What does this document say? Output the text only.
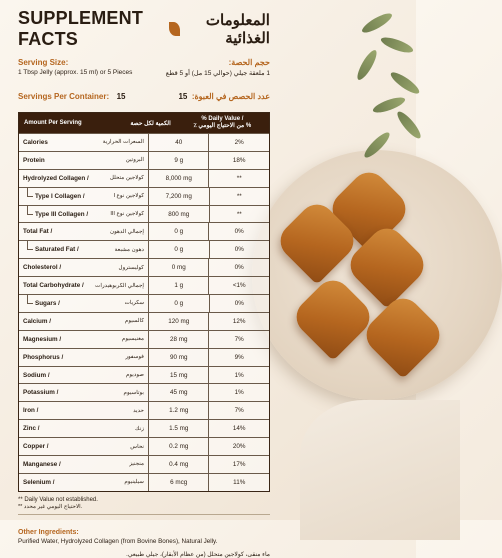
SUPPLEMENT FACTS
المعلومات الغذائية
Serving Size:	حجم الحصة:
1 Tbsp Jelly (approx. 15 ml) or 5 Pieces	1 ملعقة جيلي (حوالي 15 مل) أو 5 قطع
Servings Per Container: 15	عدد الحصص في العبوة: 15
Amount Per Serving	الكمية لكل حصة
% Daily Value /
% من الاحتياج اليومي ٪
Calories	السعرات الحرارية	40	2%
Protein	البروتين	9 g	18%
Hydrolyzed Collagen /	كولاجين متحلل	8,000 mg	**
Type I Collagen /	كولاجين نوع I	7,200 mg	**
Type III Collagen /	كولاجين نوع III	800 mg	**
Total Fat /	إجمالي الدهون	0 g	0%
Saturated Fat /	دهون مشبعة	0 g	0%
Cholesterol /	كوليسترول	0 mg	0%
Total Carbohydrate / إجمالي الكربوهيدرات	1 g	<1%
Sugars /	سكريات	0 g	0%
Calcium /	كالسيوم	120 mg	12%
Magnesium /	مغنيسيوم	28 mg	7%
Phosphorus /	فوسفور	90 mg	9%
Sodium /	صوديوم	15 mg	1%
Potassium /	بوتاسيوم	45 mg	1%
Iron /	حديد	1.2 mg	7%
Zinc /	زنك	1.5 mg	14%
Copper /	نحاس	0.2 mg	20%
Manganese /	منجنيز	0.4 mg	17%
Selenium /	سيلينيوم	6 mcg	11%
** Daily Value not established.
** الاحتياج اليومي غير محدد.
Other Ingredients:
Purified Water, Hydrolyzed Collagen (from Bovine Bones), Natural Jelly.
ماء منقى، كولاجين متحلل (من عظام الأبقار)، جيلي طبيعي.
